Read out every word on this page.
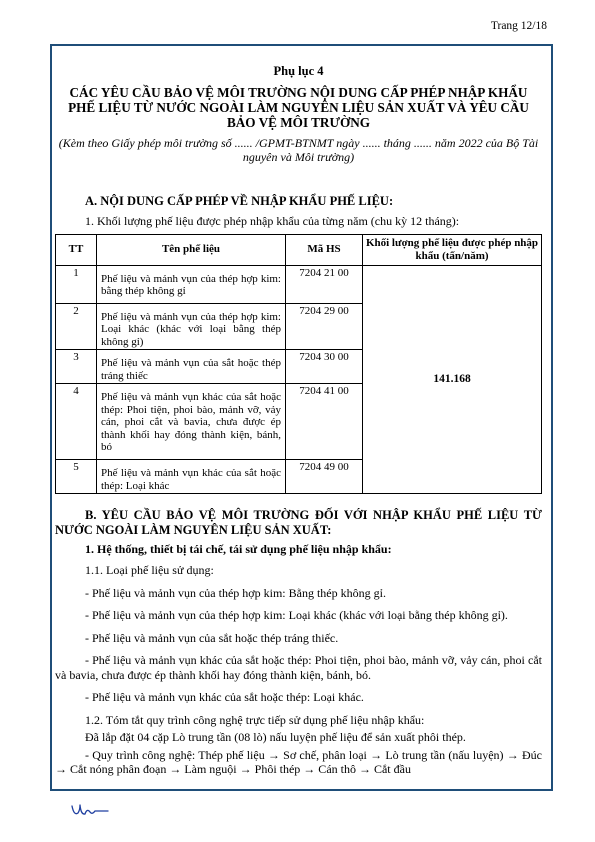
Trang 12/18

Phụ lục 4

CÁC YÊU CẦU BẢO VỆ MÔI TRƯỜNG NỘI DUNG CẤP PHÉP NHẬP KHẨU PHẾ LIỆU TỪ NƯỚC NGOÀI LÀM NGUYÊN LIỆU SẢN XUẤT VÀ YÊU CẦU BẢO VỆ MÔI TRƯỜNG

(Kèm theo Giấy phép môi trường số ...... /GPMT-BTNMT ngày ...... tháng ...... năm 2022 của Bộ Tài nguyên và Môi trường)

A. NỘI DUNG CẤP PHÉP VỀ NHẬP KHẨU PHẾ LIỆU:

1. Khối lượng phế liệu được phép nhập khẩu của từng năm (chu kỳ 12 tháng):

TT	Tên phế liệu	Mã HS	Khối lượng phế liệu được phép nhập khẩu (tấn/năm)
1	Phế liệu và mảnh vụn của thép hợp kim: bằng thép không gỉ	7204 21 00	141.168
2	Phế liệu và mảnh vụn của thép hợp kim: Loại khác (khác với loại bằng thép không gỉ)	7204 29 00	
3	Phế liệu và mảnh vụn của sắt hoặc thép tráng thiếc	7204 30 00	
4	Phế liệu và mảnh vụn khác của sắt hoặc thép: Phoi tiện, phoi bào, mảnh vỡ, vảy cán, phoi cắt và bavia, chưa được ép thành khối hay đóng thành kiện, bánh, bó	7204 41 00	
5	Phế liệu và mảnh vụn khác của sắt hoặc thép: Loại khác	7204 49 00	

B. YÊU CẦU BẢO VỆ MÔI TRƯỜNG ĐỐI VỚI NHẬP KHẨU PHẾ LIỆU TỪ NƯỚC NGOÀI LÀM NGUYÊN LIỆU SẢN XUẤT:

1. Hệ thống, thiết bị tái chế, tái sử dụng phế liệu nhập khẩu:

1.1. Loại phế liệu sử dụng:

- Phế liệu và mảnh vụn của thép hợp kim: Bằng thép không gỉ.

- Phế liệu và mảnh vụn của thép hợp kim: Loại khác (khác với loại bằng thép không gỉ).

- Phế liệu và mảnh vụn của sắt hoặc thép tráng thiếc.

- Phế liệu và mảnh vụn khác của sắt hoặc thép: Phoi tiện, phoi bào, mảnh vỡ, vảy cán, phoi cắt và bavia, chưa được ép thành khối hay đóng thành kiện, bánh, bó.

- Phế liệu và mảnh vụn khác của sắt hoặc thép: Loại khác.

1.2. Tóm tắt quy trình công nghệ trực tiếp sử dụng phế liệu nhập khẩu:

Đã lắp đặt 04 cặp Lò trung tần (08 lò) nấu luyện phế liệu để sản xuất phôi thép.

- Quy trình công nghệ: Thép phế liệu → Sơ chế, phân loại → Lò trung tần (nấu luyện) → Đúc → Cắt nóng phân đoạn → Làm nguội → Phôi thép → Cán thô → Cắt đầu
